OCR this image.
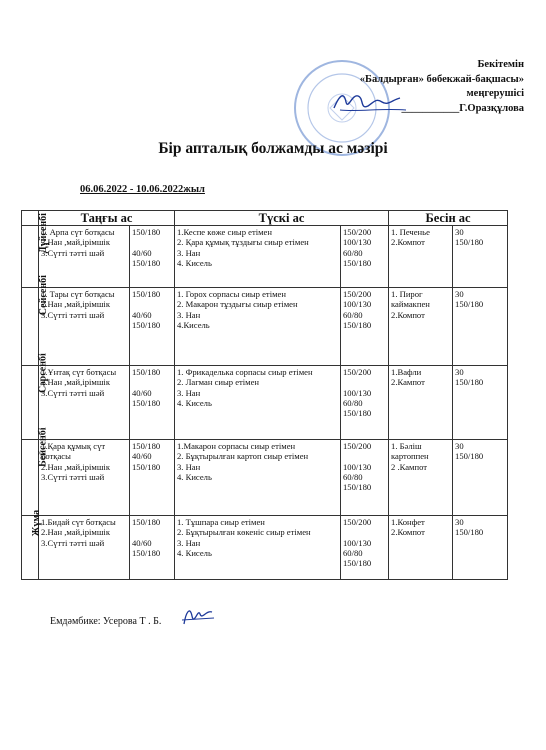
Бекітемін
«Балдырған» бөбекжай-бақшасы»
меңгерушісі
___________Г.Оразқұлова
Бір апталық болжамды ас мәзірі
06.06.2022 - 10.06.2022жыл
	Таңғы ас		Түскі ас		Бесін ас	
Дүйсенбі	1. Арпа сүт ботқасы
2.Нан ,май,ірімшік
3.Сүтті тәтті шәй	150/180

40/60
150/180	1.Кеспе көже сиыр етімен
2. Қара құмық тұздығы сиыр етімен
3. Нан
4. Кисель	150/200
100/130
60/80
150/180	1. Печенье
2.Компот	30
150/180

Сейсенбі	1. Тары сүт ботқасы
2.Нан ,май,ірімшік
3.Сүтті тәтті шәй	150/180

40/60
150/180	1. Горох сорпасы сиыр етімен
2. Макарон тұздығы сиыр етімен
3. Нан
4.Кисель	150/200
100/130
60/80
150/180	1. Пирог каймакпен
2.Компот	30
150/180

Сәрсенбі	1.Ұнтақ сүт ботқасы
2.Нан ,май,ірімшік
3.Сүтті тәтті шәй	150/180

40/60
150/180	1. Фрикаделька сорпасы сиыр етімен
2. Лагман сиыр етімен
3. Нан
4. Кисель	150/200

100/130
60/80
150/180	1.Вафли
2.Кампот	30
150/180

Бейсенбі	1.Қара құмық сүт ботқасы
2.Нан ,май,ірімшік
3.Сүтті тәтті шәй	150/180
40/60
150/180	1.Макарон сорпасы сиыр етімен
2. Бұқтырылған картоп сиыр етімен
3. Нан
4. Кисель	150/200

100/130
60/80
150/180	1. Бәліш картоппен
2 .Кампот	30
150/180

Жұма	1.Бидай сүт ботқасы
2.Нан ,май,ірімшік
3.Сүтті тәтті шәй	150/180

40/60
150/180	1. Тұшпара сиыр етімен
2. Бұқтырылған көкеніс сиыр етімен
3. Нан
4. Кисель	150/200

100/130
60/80
150/180	1.Конфет
2.Компот	30
150/180
Емдәмбике: Усерова Т . Б.
